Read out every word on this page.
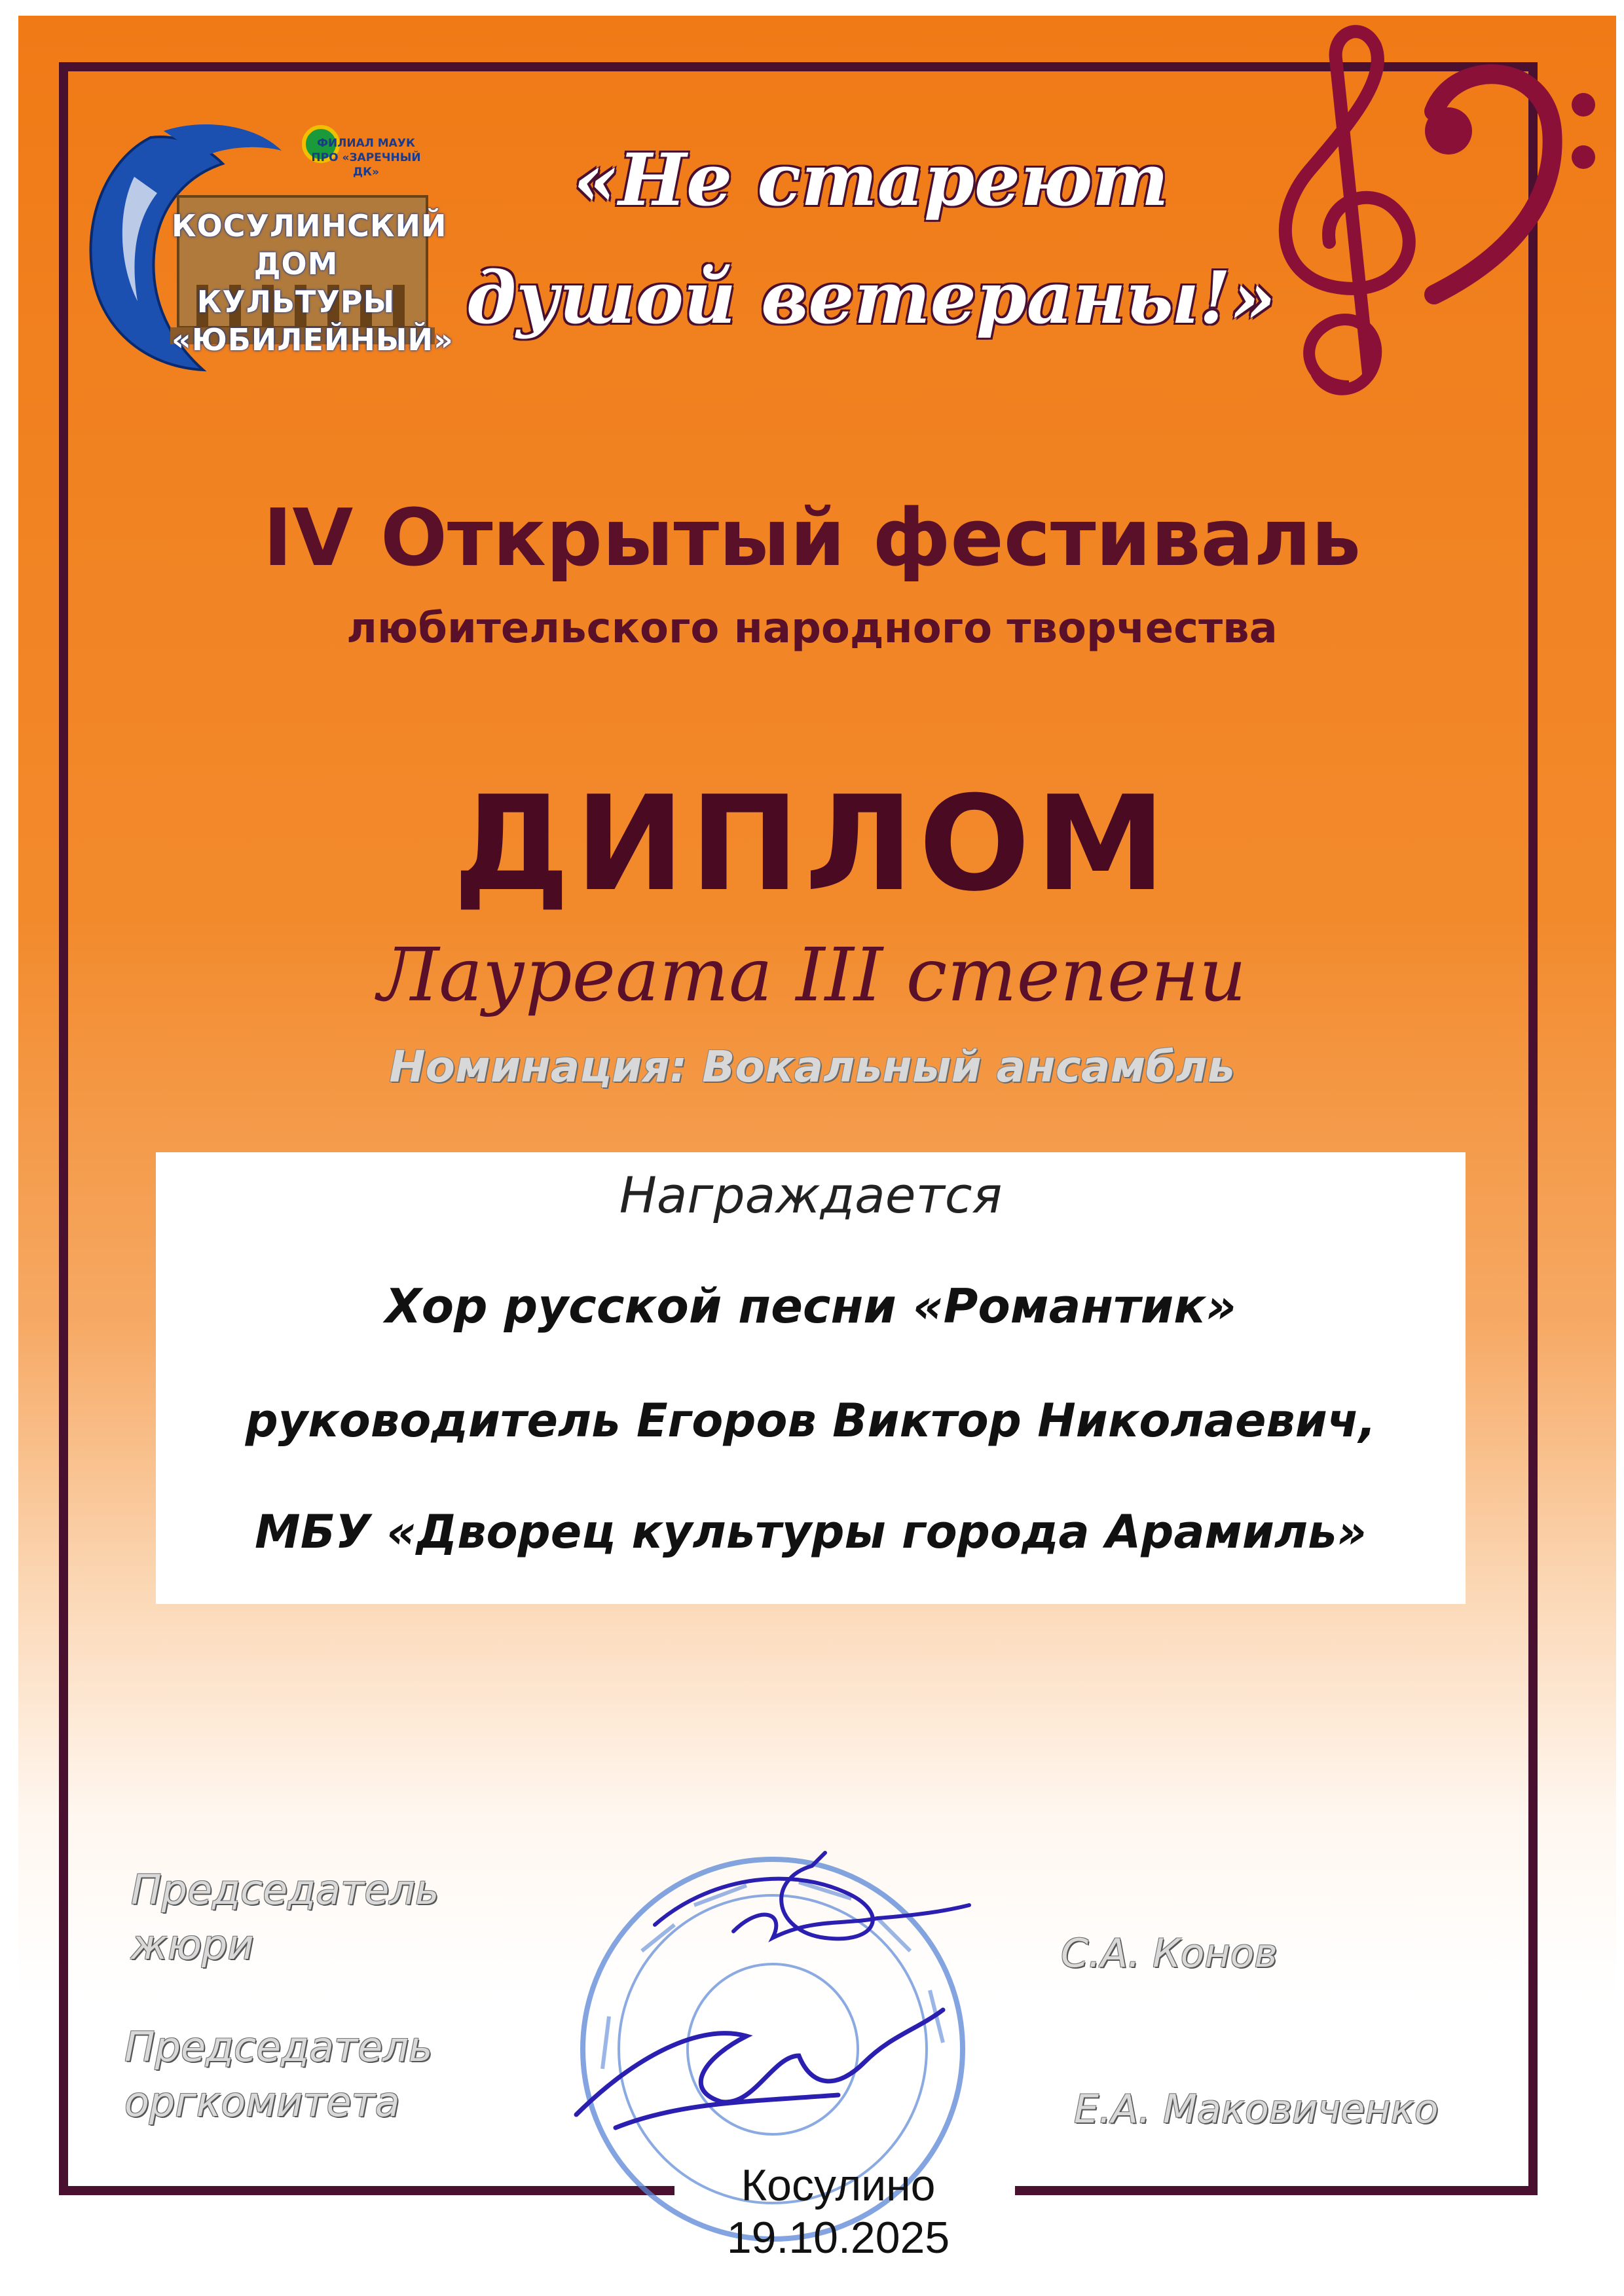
ФИЛИАЛ МАУК ПРО «ЗАРЕЧНЫЙ ДК»
КОСУЛИНСКИЙ
ДОМ КУЛЬТУРЫ
«ЮБИЛЕЙНЫЙ»
«Не стареют
душой ветераны!»
IV Открытый фестиваль
любительского народного творчества
ДИПЛОМ
Лауреата III степени
Номинация: Вокальный ансамбль
Награждается
Хор русской песни «Романтик»
руководитель Егоров Виктор Николаевич,
МБУ «Дворец культуры города Арамиль»
Председатель
жюри	С.А. Конов
Председатель
оргкомитета	Е.А. Маковиченко
Косулино
19.10.2025
